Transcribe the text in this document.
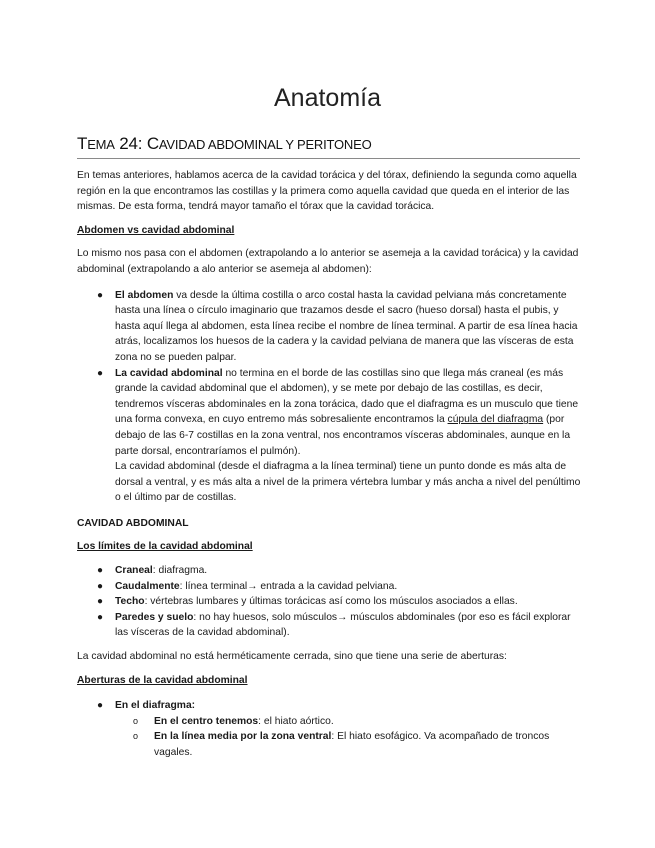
Anatomía
TEMA 24: CAVIDAD ABDOMINAL Y PERITONEO

En temas anteriores, hablamos acerca de la cavidad torácica y del tórax, definiendo la segunda como aquella región en la que encontramos las costillas y la primera como aquella cavidad que queda en el interior de las mismas. De esta forma, tendrá mayor tamaño el tórax que la cavidad torácica.

Abdomen vs cavidad abdominal

Lo mismo nos pasa con el abdomen (extrapolando a lo anterior se asemeja a la cavidad torácica) y la cavidad abdominal (extrapolando a alo anterior se asemeja al abdomen):

● El abdomen va desde la última costilla o arco costal hasta la cavidad pelviana más concretamente hasta una línea o círculo imaginario que trazamos desde el sacro (hueso dorsal) hasta el pubis, y hasta aquí llega al abdomen, esta línea recibe el nombre de línea terminal. A partir de esa línea hacia atrás, localizamos los huesos de la cadera y la cavidad pelviana de manera que las vísceras de esta zona no se pueden palpar.
● La cavidad abdominal no termina en el borde de las costillas sino que llega más craneal (es más grande la cavidad abdominal que el abdomen), y se mete por debajo de las costillas, es decir, tendremos vísceras abdominales en la zona torácica, dado que el diafragma es un musculo que tiene una forma convexa, en cuyo entremo más sobresaliente encontramos la cúpula del diafragma (por debajo de las 6-7 costillas en la zona ventral, nos encontramos vísceras abdominales, aunque en la parte dorsal, encontraríamos el pulmón).

La cavidad abdominal (desde el diafragma a la línea terminal) tiene un punto donde es más alta de dorsal a ventral, y es más alta a nivel de la primera vértebra lumbar y más ancha a nivel del penúltimo o el último par de costillas.

CAVIDAD ABDOMINAL

Los límites de la cavidad abdominal

● Craneal: diafragma.
● Caudalmente: línea terminal→ entrada a la cavidad pelviana.
● Techo: vértebras lumbares y últimas torácicas así como los músculos asociados a ellas.
● Paredes y suelo: no hay huesos, solo músculos→ músculos abdominales (por eso es fácil explorar las vísceras de la cavidad abdominal).

La cavidad abdominal no está herméticamente cerrada, sino que tiene una serie de aberturas:

Aberturas de la cavidad abdominal

● En el diafragma:
o En el centro tenemos: el hiato aórtico.
o En la línea media por la zona ventral: El hiato esofágico. Va acompañado de troncos vagales.
